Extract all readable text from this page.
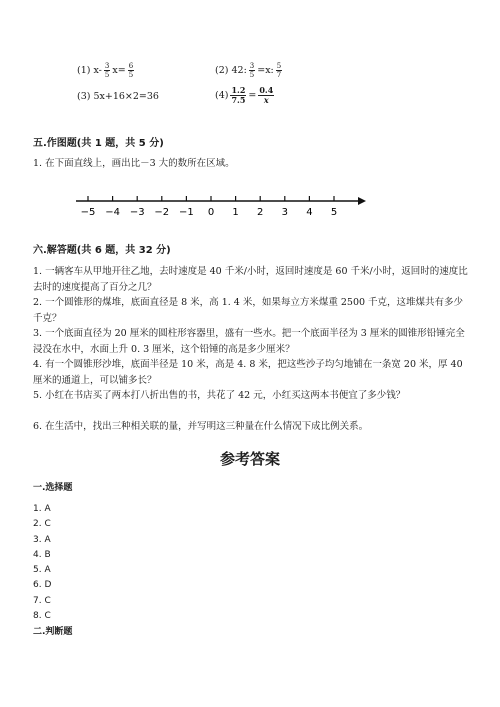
(1) $x- \frac{3}{5} x= \frac{6}{5}$	(2) 42: $\frac{3}{5} =x$: $\frac{5}{7}$
(3) 5x+16×2=36	$(4) \frac{1.2}{7.5} = \frac{0.4}{x}$
五.作图题(共 1 题，共 5 分)
1. 在下面直线上，画出比－3 大的数所在区域。
−5 −4 −3 −2 −1 0 1 2 3 4 5
六.解答题(共 6 题，共 32 分)
1. 一辆客车从甲地开往乙地，去时速度是 40 千米/小时，返回时速度是 60 千米/小时，返回时的速度比去时的速度提高了百分之几？
2. 一个圆锥形的煤堆，底面直径是 8 米，高 1. 4 米，如果每立方米煤重 2500 千克，这堆煤共有多少千克？
3. 一个底面直径为 20 厘米的圆柱形容器里，盛有一些水。把一个底面半径为 3 厘米的圆锥形铅锤完全浸没在水中，水面上升 0. 3 厘米，这个铅锤的高是多少厘米？
4. 有一个圆锥形沙堆，底面半径是 10 米，高是 4. 8 米，把这些沙子均匀地铺在一条宽 20 米，厚 40 厘米的通道上，可以铺多长？
5. 小红在书店买了两本打八折出售的书，共花了 42 元，小红买这两本书便宜了多少钱？
6. 在生活中，找出三种相关联的量，并写明这三种量在什么情况下成比例关系。
参考答案
一.选择题
1. A
2. C
3. A
4. B
5. A
6. D
7. C
8. C
二.判断题
